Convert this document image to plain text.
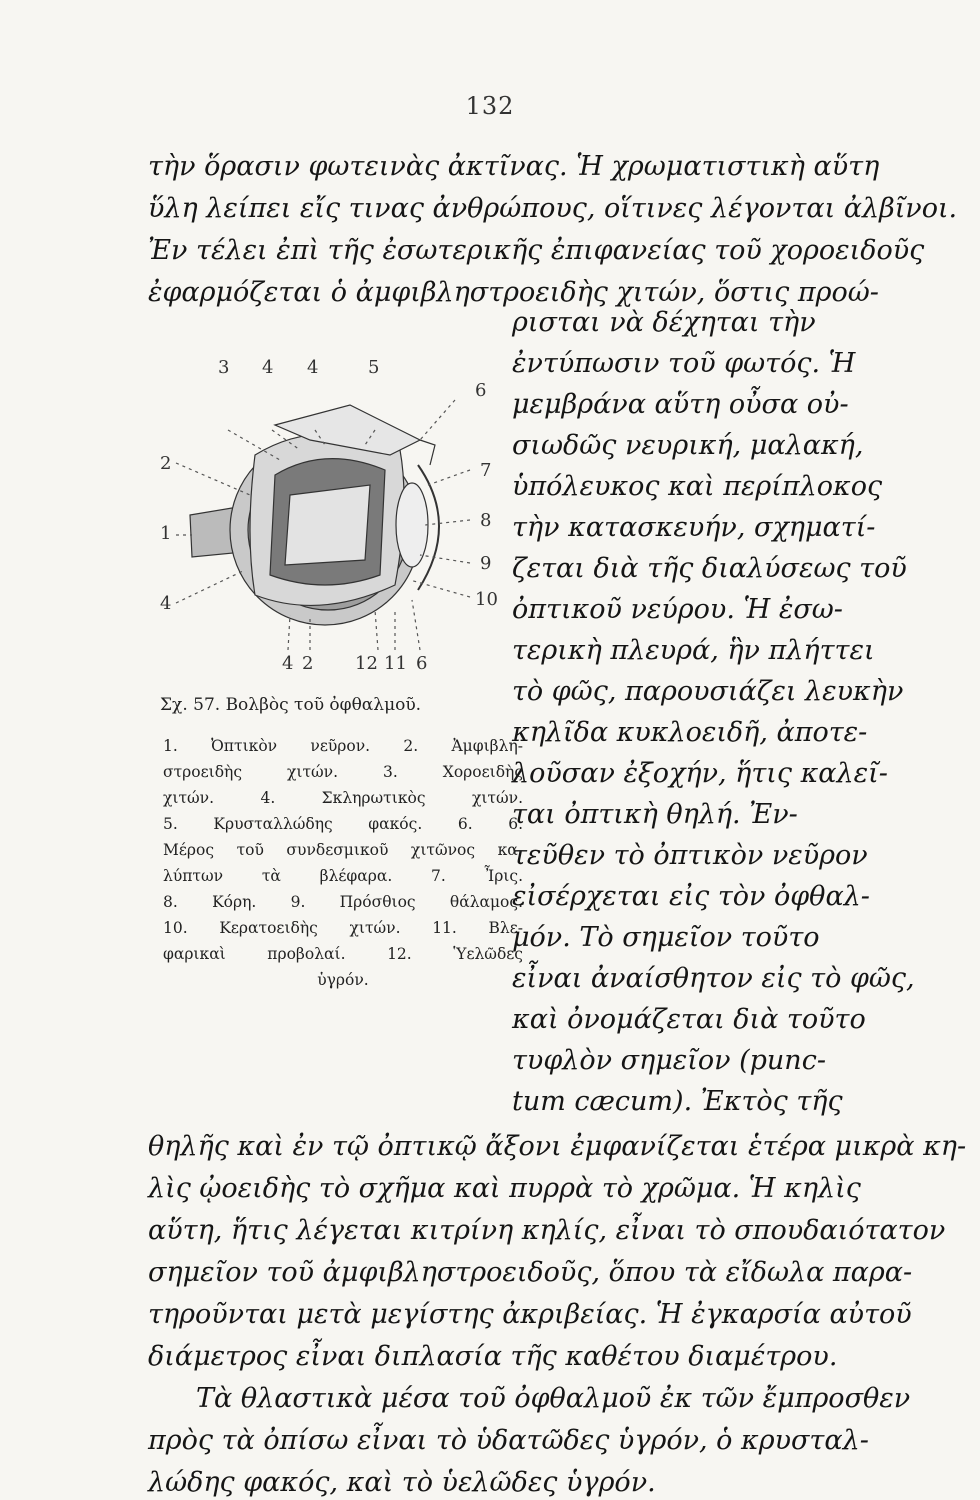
132
τὴν ὅρασιν φωτεινὰς ἀκτῖνας. Ἡ χρωματιστικὴ αὕτη
ὕλη λείπει εἴς τινας ἀνθρώπους, οἵτινες λέγονται ἀλβῖνοι.
Ἐν τέλει ἐπὶ τῆς ἐσωτερικῆς ἐπιφανείας τοῦ χοροειδοῦς
ἐφαρμόζεται ὁ ἀμφιβληστροειδὴς χιτών, ὅστις προώ-
ρισται νὰ δέχηται τὴν
ἐντύπωσιν τοῦ φωτός. Ἡ
μεμβράνα αὕτη οὖσα οὐ-
σιωδῶς νευρική, μαλακή,
ὑπόλευκος καὶ περίπλοκος
τὴν κατασκευήν, σχηματί-
ζεται διὰ τῆς διαλύσεως τοῦ
ὀπτικοῦ νεύρου. Ἡ ἐσω-
τερικὴ πλευρά, ἣν πλήττει
τὸ φῶς, παρουσιάζει λευκὴν
κηλῖδα κυκλοειδῆ, ἀποτε-
λοῦσαν ἐξοχήν, ἥτις καλεῖ-
ται ὀπτικὴ θηλή. Ἐν-
τεῦθεν τὸ ὀπτικὸν νεῦρον
εἰσέρχεται εἰς τὸν ὀφθαλ-
μόν. Τὸ σημεῖον τοῦτο
εἶναι ἀναίσθητον εἰς τὸ φῶς,
καὶ ὀνομάζεται διὰ τοῦτο
τυφλὸν σημεῖον (punc-
tum cæcum). Ἐκτὸς τῆς
θηλῆς καὶ ἐν τῷ ὀπτικῷ ἄξονι ἐμφανίζεται ἑτέρα μικρὰ κη-
λὶς ᾠοειδὴς τὸ σχῆμα καὶ πυρρὰ τὸ χρῶμα. Ἡ κηλὶς
αὕτη, ἥτις λέγεται κιτρίνη κηλίς, εἶναι τὸ σπουδαιότατον
σημεῖον τοῦ ἀμφιβληστροειδοῦς, ὅπου τὰ εἴδωλα παρα-
τηροῦνται μετὰ μεγίστης ἀκριβείας. Ἡ ἐγκαρσία αὐτοῦ
3 4 4	5
6
2
1
4
7
8
9
10
4 2 12 11 6
Σχ. 57. Βολβὸς τοῦ ὀφθαλμοῦ.
1. Ὀπτικὸν νεῦρον. 2. Ἀμφιβλη-
στροειδὴς χιτών. 3. Χοροειδὴς
χιτών. 4. Σκληρωτικὸς χιτών.
5. Κρυσταλλώδης φακός. 6. 6.
Μέρος τοῦ συνδεσμικοῦ χιτῶνος κα-
λύπτων τὰ βλέφαρα. 7. Ἶρις.
8. Κόρη. 9. Πρόσθιος θάλαμος.
10. Κερατοειδὴς χιτών. 11. Βλε-
φαρικαὶ προβολαί. 12. Ὑελῶδες
ὑγρόν.
διάμετρος εἶναι διπλασία τῆς καθέτου διαμέτρου.
Τὰ θλαστικὰ μέσα τοῦ ὀφθαλμοῦ ἐκ τῶν ἔμπροσθεν
πρὸς τὰ ὀπίσω εἶναι τὸ ὑδατῶδες ὑγρόν, ὁ κρυσταλ-
λώδης φακός, καὶ τὸ ὑελῶδες ὑγρόν.
